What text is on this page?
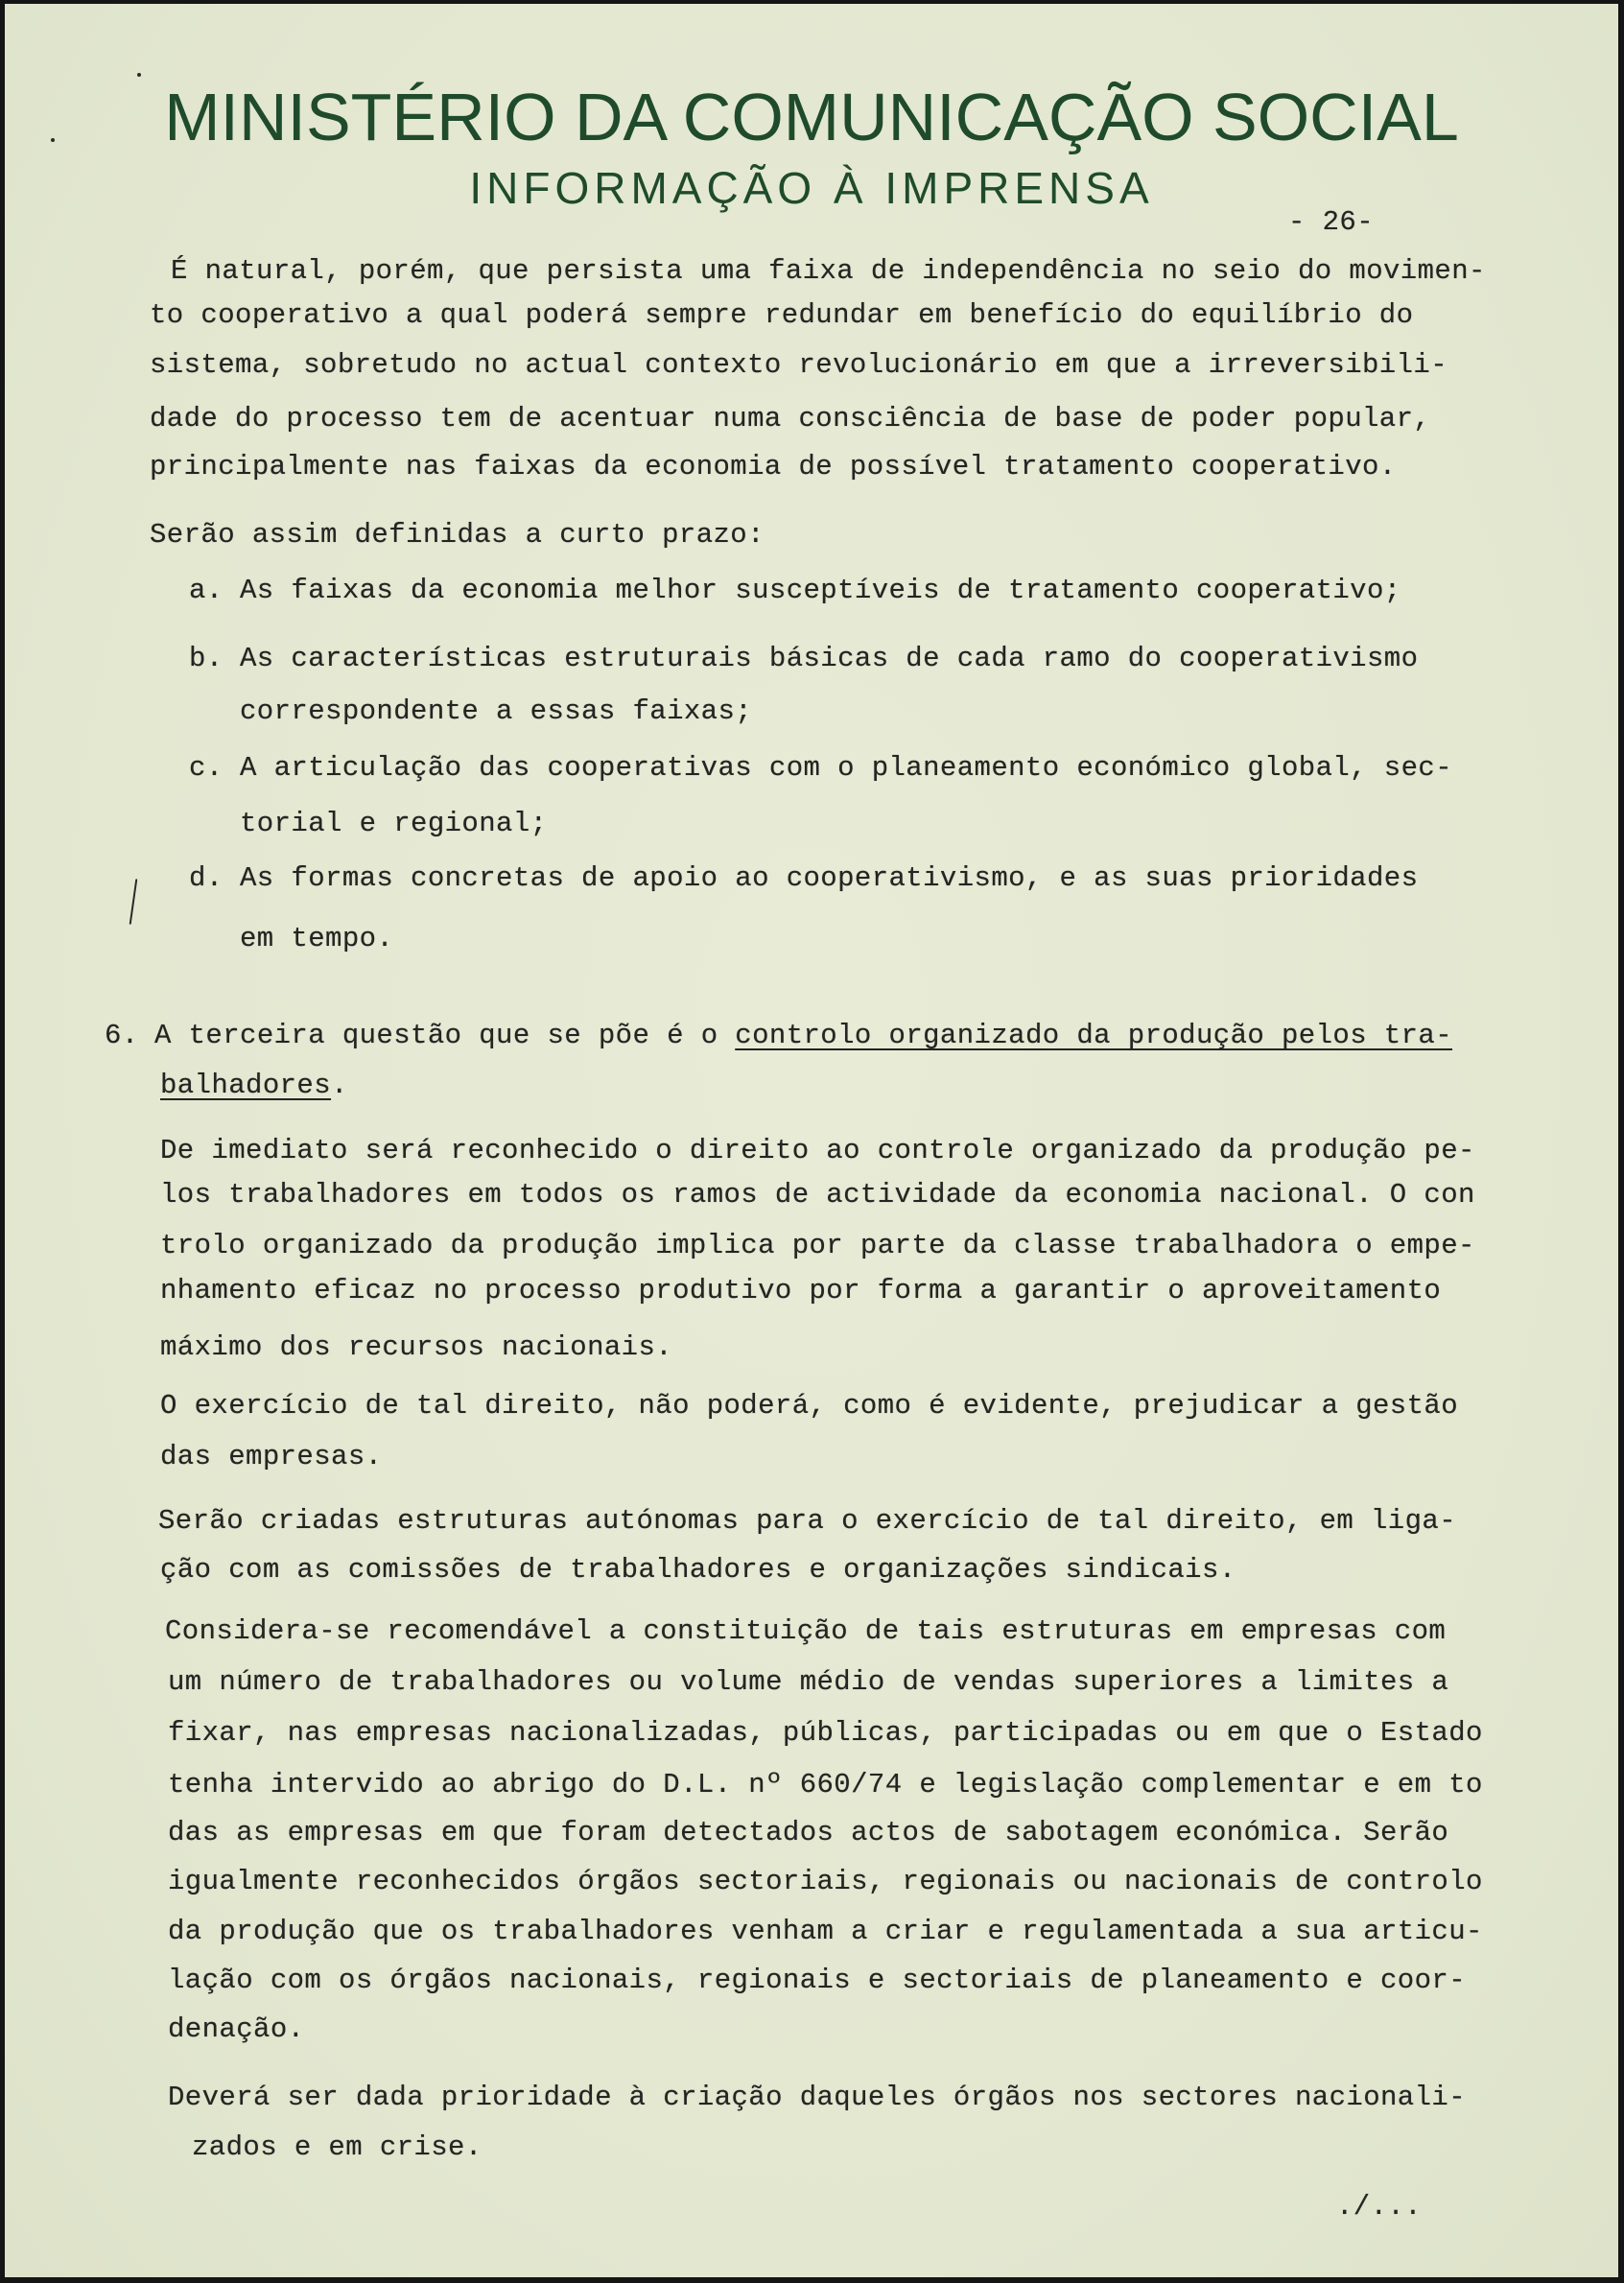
MINISTÉRIO DA COMUNICAÇÃO SOCIAL
INFORMAÇÃO À IMPRENSA
- 26-
É natural, porém, que persista uma faixa de independência no seio do movimen-
to cooperativo a qual poderá sempre redundar em benefício do equilíbrio do
sistema, sobretudo no actual contexto revolucionário em que a irreversibili-
dade do processo tem de acentuar numa consciência de base de poder popular,
principalmente nas faixas da economia de possível tratamento cooperativo.
Serão assim definidas a curto prazo:
a. As faixas da economia melhor susceptíveis de tratamento cooperativo;
b. As características estruturais básicas de cada ramo do cooperativismo
correspondente a essas faixas;
c. A articulação das cooperativas com o planeamento económico global, sec-
torial e regional;
d. As formas concretas de apoio ao cooperativismo, e as suas prioridades
em tempo.
6. A terceira questão que se põe é o controlo organizado da produção pelos tra-
balhadores.
De imediato será reconhecido o direito ao controle organizado da produção pe-
los trabalhadores em todos os ramos de actividade da economia nacional. O con
trolo organizado da produção implica por parte da classe trabalhadora o empe-
nhamento eficaz no processo produtivo por forma a garantir o aproveitamento
máximo dos recursos nacionais.
O exercício de tal direito, não poderá, como é evidente, prejudicar a gestão
das empresas.
Serão criadas estruturas autónomas para o exercício de tal direito, em liga-
ção com as comissões de trabalhadores e organizações sindicais.
Considera-se recomendável a constituição de tais estruturas em empresas com
um número de trabalhadores ou volume médio de vendas superiores a limites a
fixar, nas empresas nacionalizadas, públicas, participadas ou em que o Estado
tenha intervido ao abrigo do D.L. nº 660/74 e legislação complementar e em to
das as empresas em que foram detectados actos de sabotagem económica. Serão
igualmente reconhecidos órgãos sectoriais, regionais ou nacionais de controlo
da produção que os trabalhadores venham a criar e regulamentada a sua articu-
lação com os órgãos nacionais, regionais e sectoriais de planeamento e coor-
denação.
Deverá ser dada prioridade à criação daqueles órgãos nos sectores nacionali-
zados e em crise.
./...
